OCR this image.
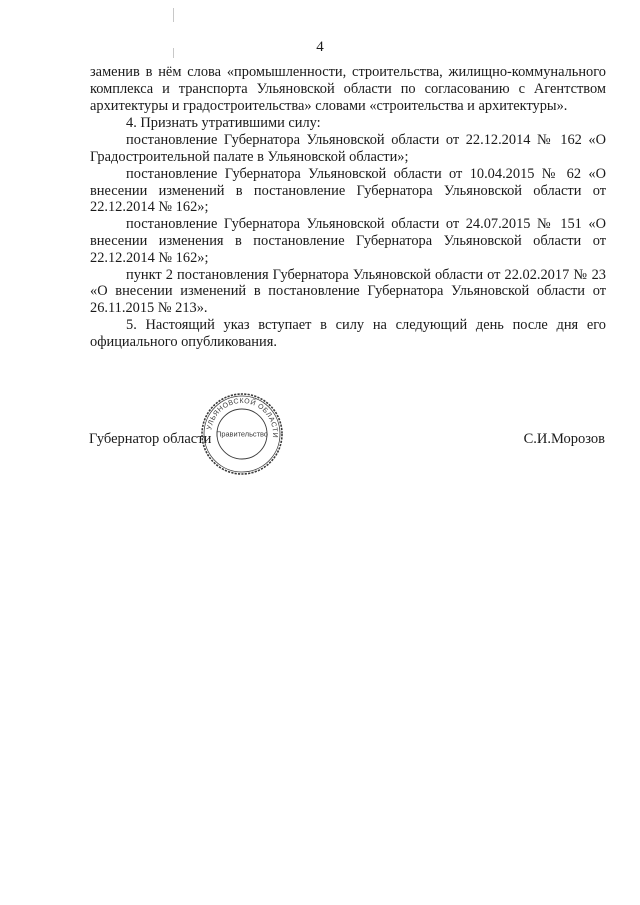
4

заменив в нём слова «промышленности, строительства, жилищно-коммунального комплекса и транспорта Ульяновской области по согласованию с Агентством архитектуры и градостроительства» словами «строительства и архитектуры».

4. Признать утратившими силу:

постановление Губернатора Ульяновской области от 22.12.2014 № 162 «О Градостроительной палате в Ульяновской области»;

постановление Губернатора Ульяновской области от 10.04.2015 № 62 «О внесении изменений в постановление Губернатора Ульяновской области от 22.12.2014 № 162»;

постановление Губернатора Ульяновской области от 24.07.2015 № 151 «О внесении изменения в постановление Губернатора Ульяновской области от 22.12.2014 № 162»;

пункт 2 постановления Губернатора Ульяновской области от 22.02.2017 № 23 «О внесении изменений в постановление Губернатора Ульяновской области от 26.11.2015 № 213».

5. Настоящий указ вступает в силу на следующий день после дня его официального опубликования.

Губернатор области	С.И.Морозов
УЛЬЯНОВСКОЙ ОБЛАСТИ
Правительство
